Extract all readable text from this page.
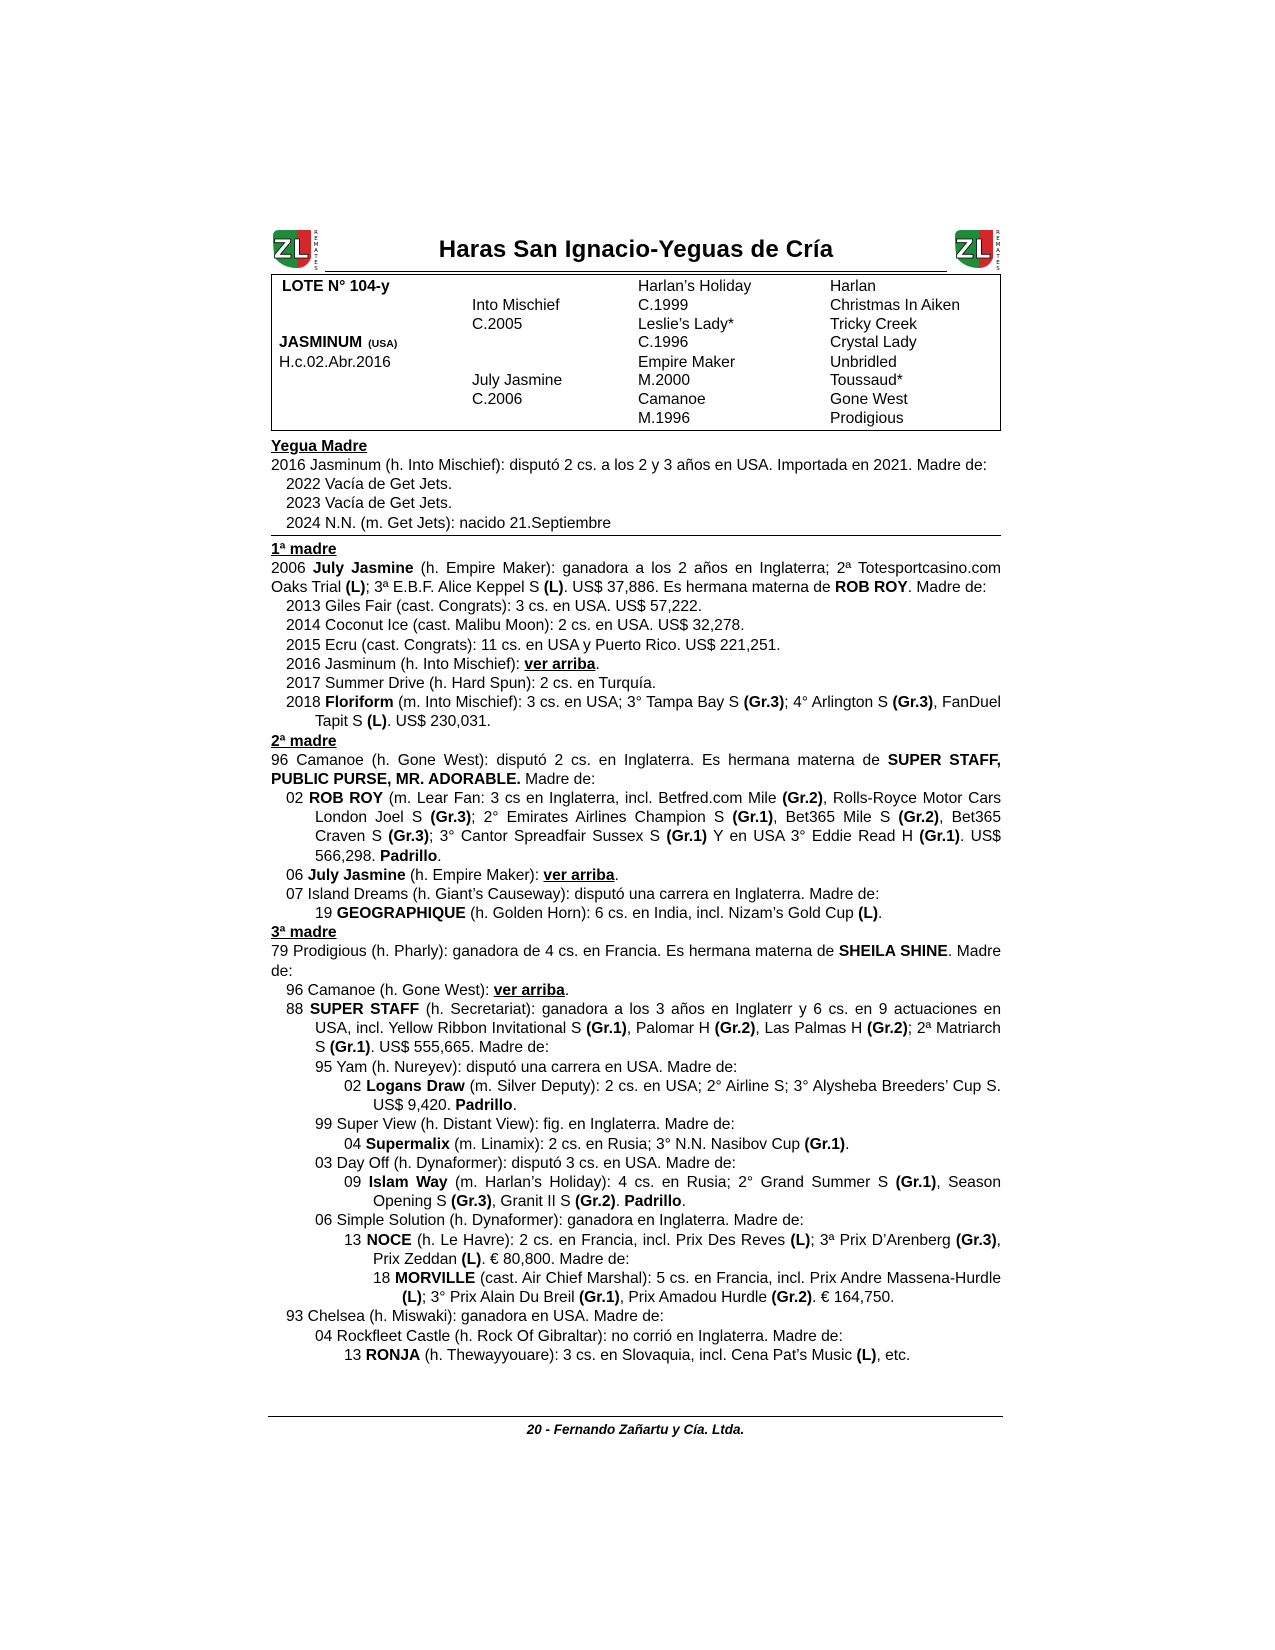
ZL
R
E
M
A
T
E
S
Haras San Ignacio-Yeguas de Cría	ZL
R
E
M
A
T
E
S
LOTE N° 104-y
JASMINUM (USA)
H.c.02.Abr.2016
Into Mischief
C.2005
July Jasmine
C.2006
Harlan’s Holiday
C.1999
Leslie’s Lady*
C.1996
Empire Maker
M.2000
Camanoe
M.1996
Harlan
Christmas In Aiken
Tricky Creek
Crystal Lady
Unbridled
Toussaud*
Gone West
Prodigious
Yegua Madre

2016 Jasminum (h. Into Mischief): disputó 2 cs. a los 2 y 3 años en USA. Importada en 2021. Madre de:

2022 Vacía de Get Jets.

2023 Vacía de Get Jets.

2024 N.N. (m. Get Jets): nacido 21.Septiembre

1ª madre

2006 July Jasmine (h. Empire Maker): ganadora a los 2 años en Inglaterra; 2ª Totesportcasino.com Oaks Trial (L); 3ª E.B.F. Alice Keppel S (L). US$ 37,886. Es hermana materna de ROB ROY. Madre de:

2013 Giles Fair (cast. Congrats): 3 cs. en USA. US$ 57,222.

2014 Coconut Ice (cast. Malibu Moon): 2 cs. en USA. US$ 32,278.

2015 Ecru (cast. Congrats): 11 cs. en USA y Puerto Rico. US$ 221,251.

2016 Jasminum (h. Into Mischief): ver arriba.

2017 Summer Drive (h. Hard Spun): 2 cs. en Turquía.

2018 Floriform (m. Into Mischief): 3 cs. en USA; 3° Tampa Bay S (Gr.3); 4° Arlington S (Gr.3), FanDuel Tapit S (L). US$ 230,031.

2ª madre

96 Camanoe (h. Gone West): disputó 2 cs. en Inglaterra. Es hermana materna de SUPER STAFF, PUBLIC PURSE, MR. ADORABLE. Madre de:

02 ROB ROY (m. Lear Fan: 3 cs en Inglaterra, incl. Betfred.com Mile (Gr.2), Rolls-Royce Motor Cars London Joel S (Gr.3); 2° Emirates Airlines Champion S (Gr.1), Bet365 Mile S (Gr.2), Bet365 Craven S (Gr.3); 3° Cantor Spreadfair Sussex S (Gr.1) Y en USA 3° Eddie Read H (Gr.1). US$ 566,298. Padrillo.

06 July Jasmine (h. Empire Maker): ver arriba.

07 Island Dreams (h. Giant’s Causeway): disputó una carrera en Inglaterra. Madre de:

19 GEOGRAPHIQUE (h. Golden Horn): 6 cs. en India, incl. Nizam’s Gold Cup (L).

3ª madre

79 Prodigious (h. Pharly): ganadora de 4 cs. en Francia. Es hermana materna de SHEILA SHINE. Madre de:

96 Camanoe (h. Gone West): ver arriba.

88 SUPER STAFF (h. Secretariat): ganadora a los 3 años en Inglaterr y 6 cs. en 9 actuaciones en USA, incl. Yellow Ribbon Invitational S (Gr.1), Palomar H (Gr.2), Las Palmas H (Gr.2); 2ª Matriarch S (Gr.1). US$ 555,665. Madre de:

95 Yam (h. Nureyev): disputó una carrera en USA. Madre de:

02 Logans Draw (m. Silver Deputy): 2 cs. en USA; 2° Airline S; 3° Alysheba Breeders’ Cup S. US$ 9,420. Padrillo.

99 Super View (h. Distant View): fig. en Inglaterra. Madre de:

04 Supermalix (m. Linamix): 2 cs. en Rusia; 3° N.N. Nasibov Cup (Gr.1).

03 Day Off (h. Dynaformer): disputó 3 cs. en USA. Madre de:

09 Islam Way (m. Harlan’s Holiday): 4 cs. en Rusia; 2° Grand Summer S (Gr.1), Season Opening S (Gr.3), Granit II S (Gr.2). Padrillo.

06 Simple Solution (h. Dynaformer): ganadora en Inglaterra. Madre de:

13 NOCE (h. Le Havre): 2 cs. en Francia, incl. Prix Des Reves (L); 3ª Prix D’Arenberg (Gr.3), Prix Zeddan (L). € 80,800. Madre de:

18 MORVILLE (cast. Air Chief Marshal): 5 cs. en Francia, incl. Prix Andre Massena-Hurdle (L); 3° Prix Alain Du Breil (Gr.1), Prix Amadou Hurdle (Gr.2). € 164,750.

93 Chelsea (h. Miswaki): ganadora en USA. Madre de:

04 Rockfleet Castle (h. Rock Of Gibraltar): no corrió en Inglaterra. Madre de:

13 RONJA (h. Thewayyouare): 3 cs. en Slovaquia, incl. Cena Pat’s Music (L), etc.

20 - Fernando Zañartu y Cía. Ltda.
